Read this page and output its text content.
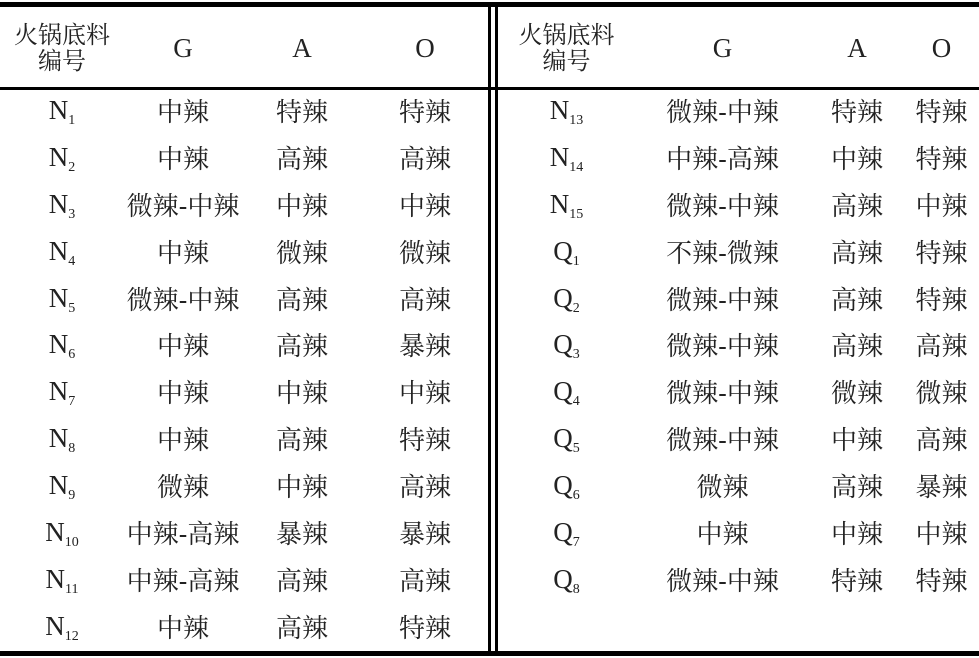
火锅底料
编号	G	A	O
$N_1$	中辣	特辣	特辣
$N_2$	中辣	高辣	高辣
$N_3$	微辣-中辣	中辣	中辣
$N_4$	中辣	微辣	微辣
$N_5$	微辣-中辣	高辣	高辣
$N_6$	中辣	高辣	暴辣
$N_7$	中辣	中辣	中辣
$N_8$	中辣	高辣	特辣
$N_9$	微辣	中辣	高辣
$N_{10}$	中辣-高辣	暴辣	暴辣
$N_{11}$	中辣-高辣	高辣	高辣
$N_{12}$	中辣	高辣	特辣
火锅底料
编号	G	A	O
$N_{13}$	微辣-中辣	特辣	特辣
$N_{14}$	中辣-高辣	中辣	特辣
$N_{15}$	微辣-中辣	高辣	中辣
$Q_1$	不辣-微辣	高辣	特辣
$Q_2$	微辣-中辣	高辣	特辣
$Q_3$	微辣-中辣	高辣	高辣
$Q_4$	微辣-中辣	微辣	微辣
$Q_5$	微辣-中辣	中辣	高辣
$Q_6$	微辣	高辣	暴辣
$Q_7$	中辣	中辣	中辣
$Q_8$	微辣-中辣	特辣	特辣
